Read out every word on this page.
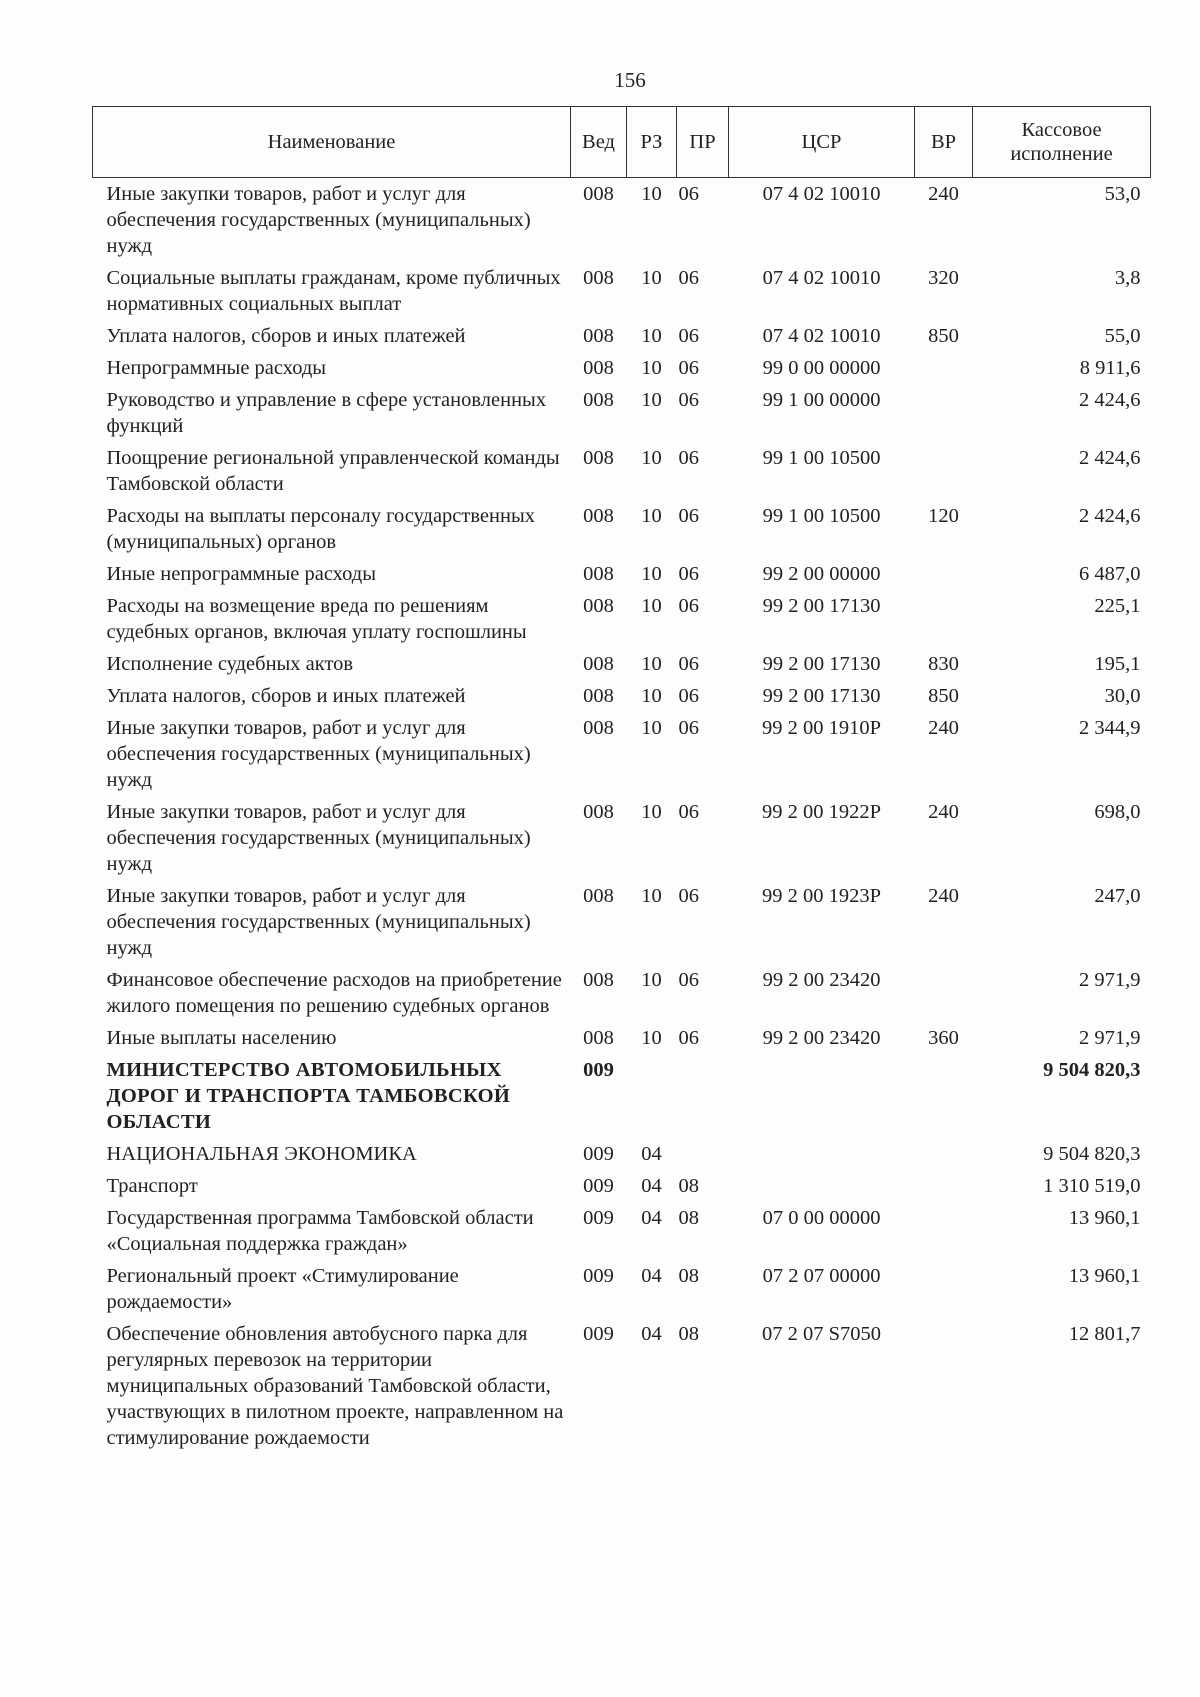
156
Наименование	Вед	РЗ	ПР	ЦСР	ВР	Кассовое исполнение
Иные закупки товаров, работ и услуг для обеспечения государственных (муниципальных) нужд	008	10	06	07 4 02 10010	240	53,0
Социальные выплаты гражданам, кроме публичных нормативных социальных выплат	008	10	06	07 4 02 10010	320	3,8
Уплата налогов, сборов и иных платежей	008	10	06	07 4 02 10010	850	55,0
Непрограммные расходы	008	10	06	99 0 00 00000		8 911,6
Руководство и управление в сфере установленных функций	008	10	06	99 1 00 00000		2 424,6
Поощрение региональной управленческой команды Тамбовской области	008	10	06	99 1 00 10500		2 424,6
Расходы на выплаты персоналу государственных (муниципальных) органов	008	10	06	99 1 00 10500	120	2 424,6
Иные непрограммные расходы	008	10	06	99 2 00 00000		6 487,0
Расходы на возмещение вреда по решениям судебных органов, включая уплату госпошлины	008	10	06	99 2 00 17130		225,1
Исполнение судебных актов	008	10	06	99 2 00 17130	830	195,1
Уплата налогов, сборов и иных платежей	008	10	06	99 2 00 17130	850	30,0
Иные закупки товаров, работ и услуг для обеспечения государственных (муниципальных) нужд	008	10	06	99 2 00 1910Р	240	2 344,9
Иные закупки товаров, работ и услуг для обеспечения государственных (муниципальных) нужд	008	10	06	99 2 00 1922Р	240	698,0
Иные закупки товаров, работ и услуг для обеспечения государственных (муниципальных) нужд	008	10	06	99 2 00 1923Р	240	247,0
Финансовое обеспечение расходов на приобретение жилого помещения по решению судебных органов	008	10	06	99 2 00 23420		2 971,9
Иные выплаты населению	008	10	06	99 2 00 23420	360	2 971,9
МИНИСТЕРСТВО АВТОМОБИЛЬНЫХ ДОРОГ И ТРАНСПОРТА ТАМБОВСКОЙ ОБЛАСТИ	009					9 504 820,3
НАЦИОНАЛЬНАЯ ЭКОНОМИКА	009	04				9 504 820,3
Транспорт	009	04	08			1 310 519,0
Государственная программа Тамбовской области «Социальная поддержка граждан»	009	04	08	07 0 00 00000		13 960,1
Региональный проект «Стимулирование рождаемости»	009	04	08	07 2 07 00000		13 960,1
Обеспечение обновления автобусного парка для регулярных перевозок на территории муниципальных образований Тамбовской области, участвующих в пилотном проекте, направленном на стимулирование рождаемости	009	04	08	07 2 07 S7050		12 801,7
